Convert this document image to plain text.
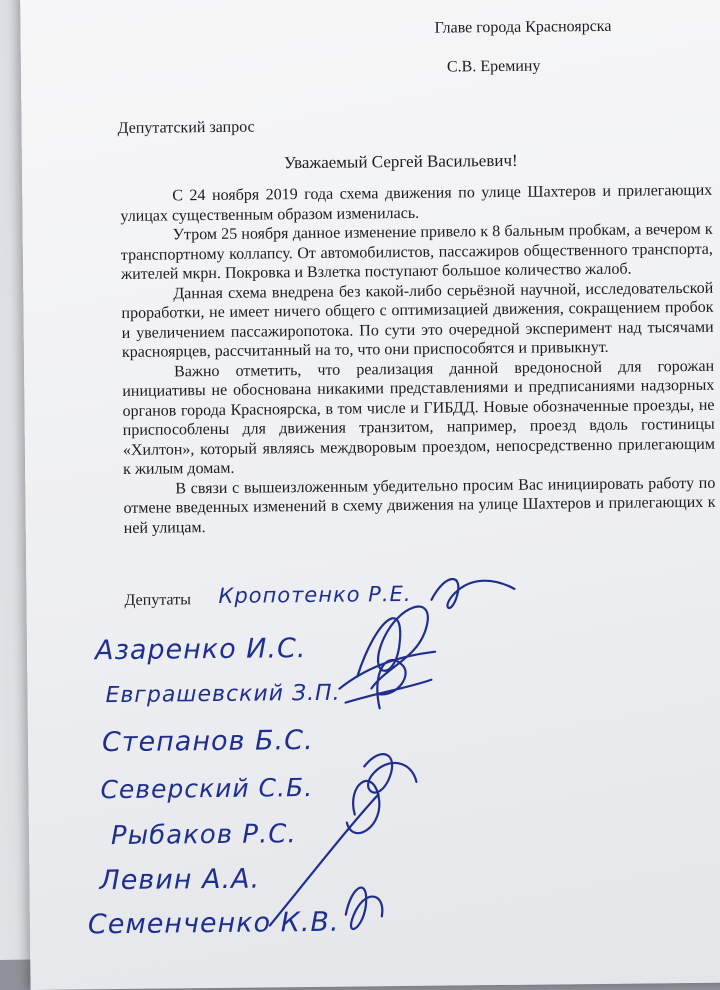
Главе города Красноярска
С.В. Еремину
Депутатский запрос
Уважаемый Сергей Васильевич!

С 24 ноября 2019 года схема движения по улице Шахтеров и прилегающих улицах существенным образом изменилась.

Утром 25 ноября данное изменение привело к 8 бальным пробкам, а вечером к транспортному коллапсу. От автомобилистов, пассажиров общественного транспорта, жителей мкрн. Покровка и Взлетка поступают большое количество жалоб.

Данная схема внедрена без какой-либо серьёзной научной, исследовательской проработки, не имеет ничего общего с оптимизацией движения, сокращением пробок и увеличением пассажиропотока. По сути это очередной эксперимент над тысячами красноярцев, рассчитанный на то, что они приспособятся и привыкнут.

Важно отметить, что реализация данной вредоносной для горожан инициативы не обоснована никакими представлениями и предписаниями надзорных органов города Красноярска, в том числе и ГИБДД. Новые обозначенные проезды, не приспособлены для движения транзитом, например, проезд вдоль гостиницы «Хилтон», который являясь междворовым проездом, непосредственно прилегающим к жилым домам.

В связи с вышеизложенным убедительно просим Вас инициировать работу по отмене введенных изменений в схему движения на улице Шахтеров и прилегающих к ней улицам.

Депутаты Кропотенко Р.Е.
Азаренко И.С.
Евграшевский З.П.
Степанов Б.С.
Северский С.Б.
Рыбаков Р.С.
Левин А.А.
Семенченко К.В.
